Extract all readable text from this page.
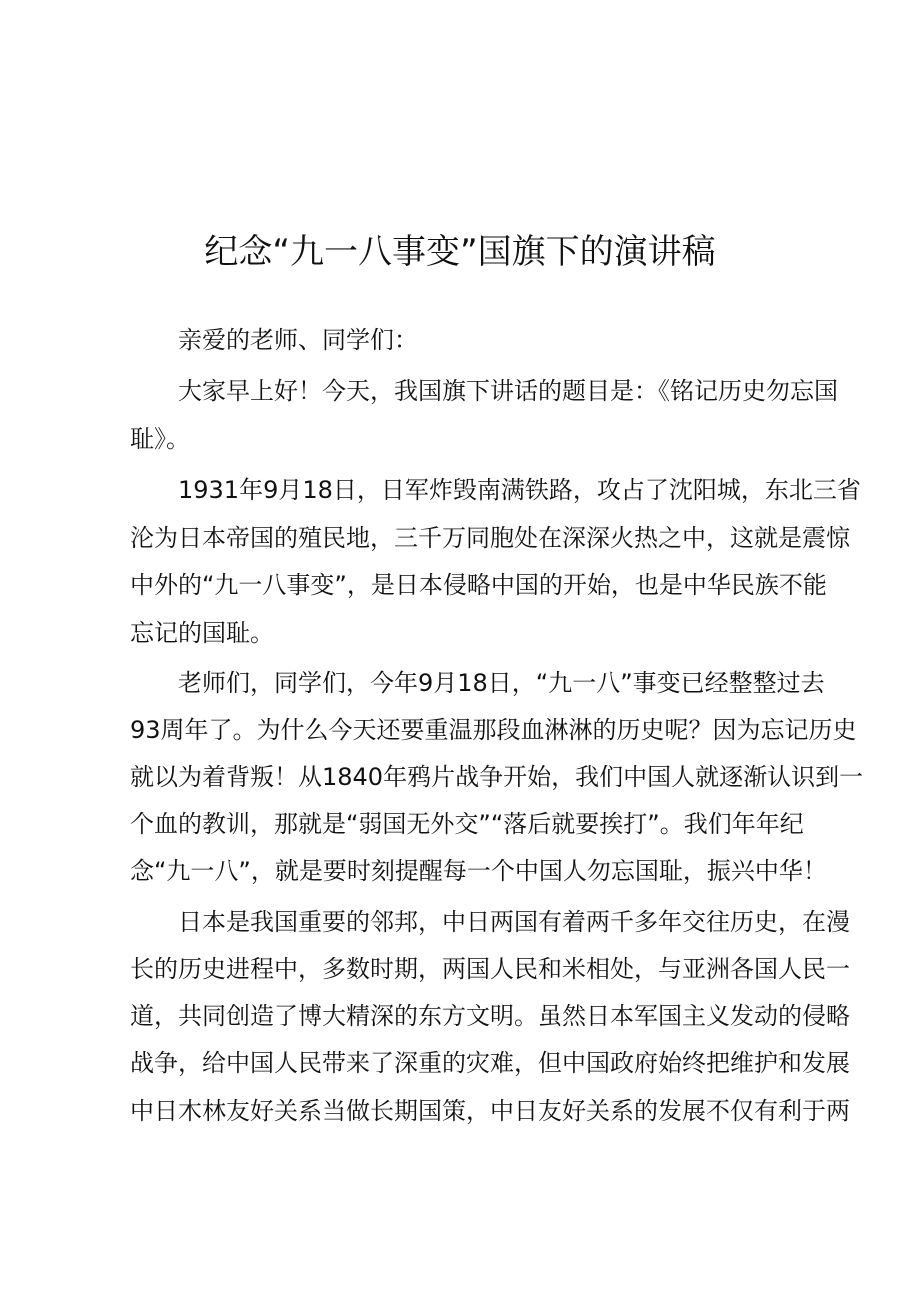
纪念“九一八事变”国旗下的演讲稿

亲爱的老师、同学们：

大家早上好！今天，我国旗下讲话的题目是：《铭记历史勿忘国

耻》。

1931年9月18日，日军炸毁南满铁路，攻占了沈阳城，东北三省

沦为日本帝国的殖民地，三千万同胞处在深深火热之中，这就是震惊

中外的“九一八事变”，是日本侵略中国的开始，也是中华民族不能

忘记的国耻。

老师们，同学们，今年9月18日，“九一八”事变已经整整过去

93周年了。为什么今天还要重温那段血淋淋的历史呢？因为忘记历史

就以为着背叛！从1840年鸦片战争开始，我们中国人就逐渐认识到一

个血的教训，那就是“弱国无外交”“落后就要挨打”。我们年年纪

念“九一八”，就是要时刻提醒每一个中国人勿忘国耻，振兴中华！

日本是我国重要的邻邦，中日两国有着两千多年交往历史，在漫

长的历史进程中，多数时期，两国人民和米相处，与亚洲各国人民一

道，共同创造了博大精深的东方文明。虽然日本军国主义发动的侵略

战争，给中国人民带来了深重的灾难，但中国政府始终把维护和发展

中日木林友好关系当做长期国策，中日友好关系的发展不仅有利于两
